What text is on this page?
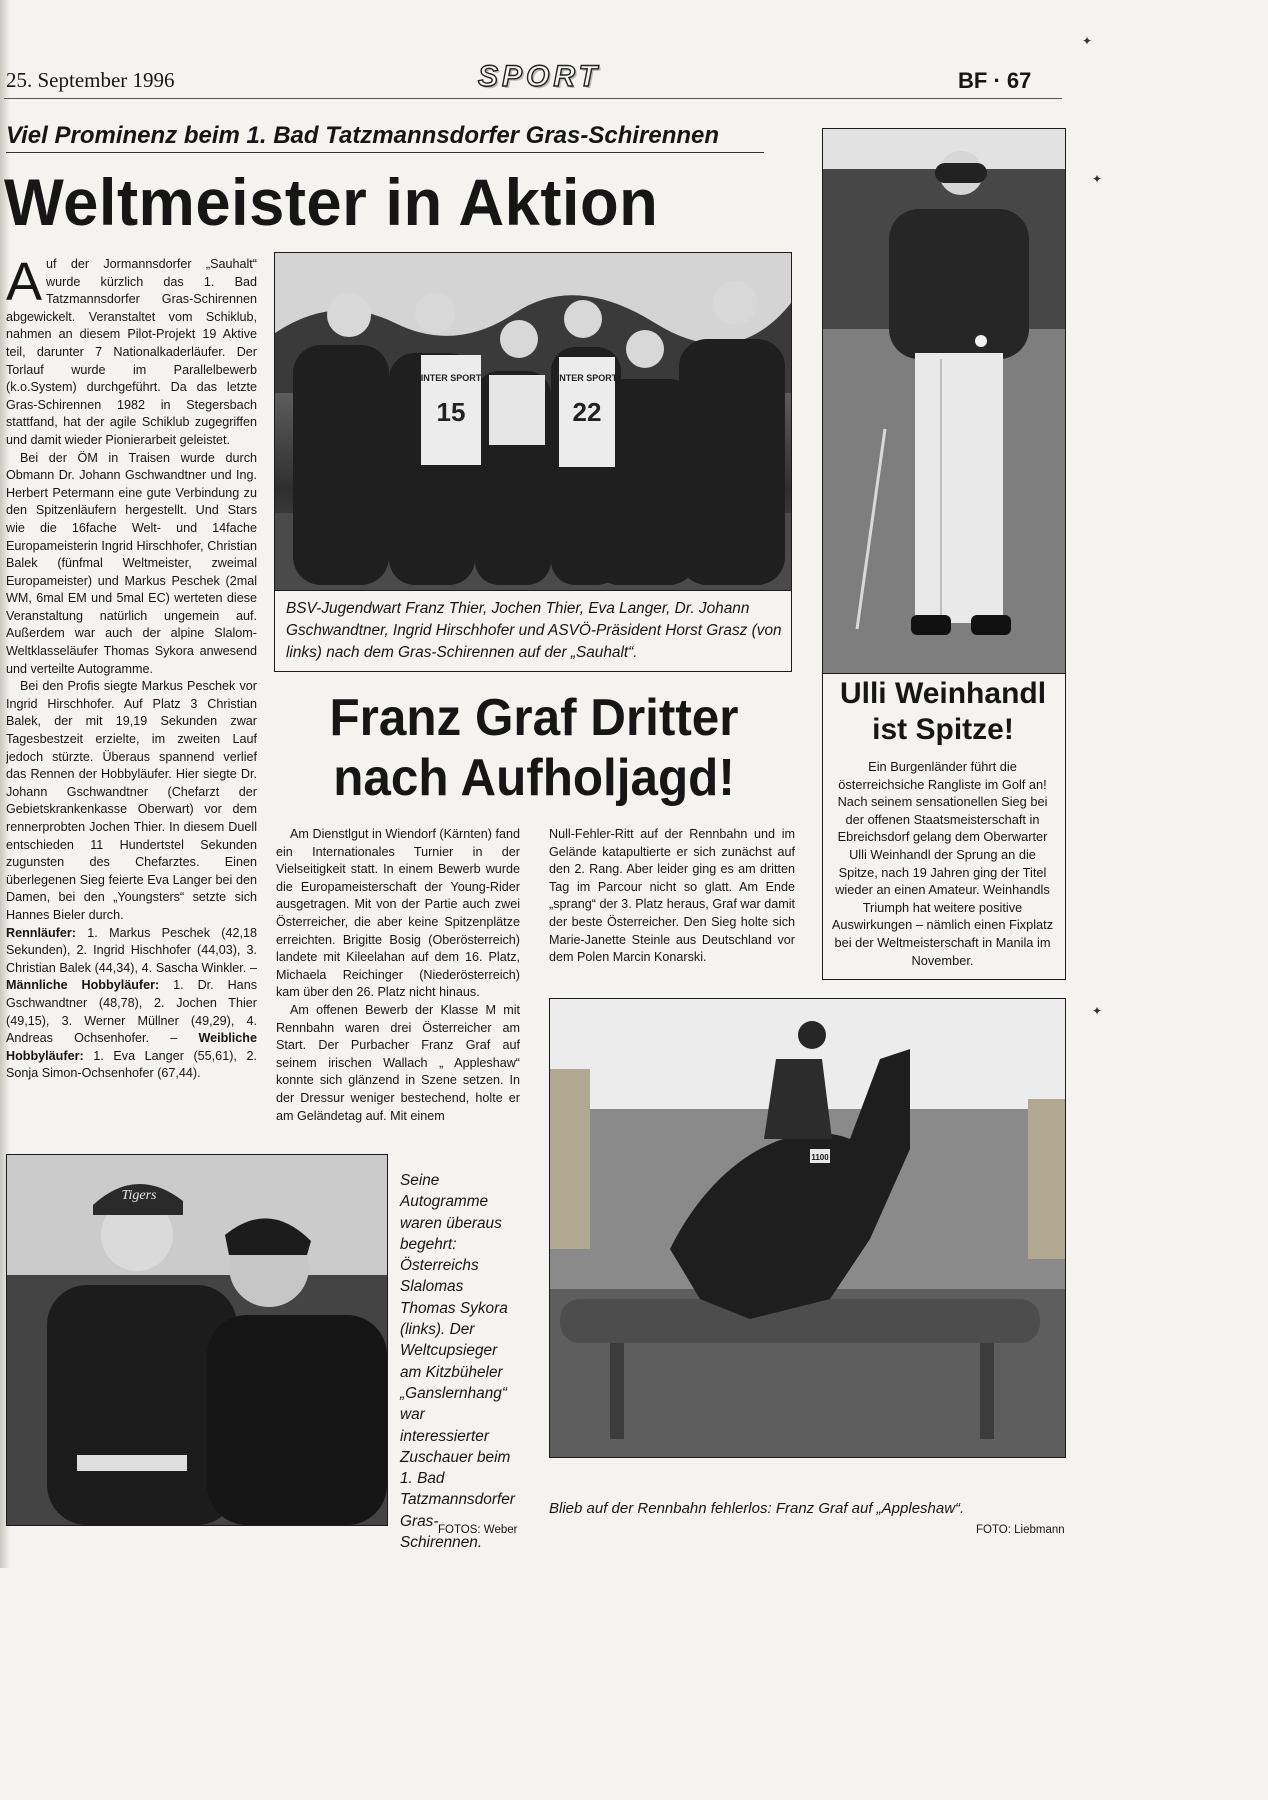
25. September 1996	SPORT	BF · 67
✦
✦
✦
Viel Prominenz beim 1. Bad Tatzmannsdorfer Gras-Schirennen
Weltmeister in Aktion

Auf der Jormannsdorfer „Sauhalt“ wurde kürzlich das 1. Bad Tatzmannsdorfer Gras-Schirennen abgewickelt. Veranstaltet vom Schiklub, nahmen an diesem Pilot-Projekt 19 Aktive teil, darunter 7 Nationalkaderläufer. Der Torlauf wurde im Parallelbewerb (k.o.System) durchgeführt. Da das letzte Gras-Schirennen 1982 in Stegersbach stattfand, hat der agile Schiklub zugegriffen und damit wieder Pionierarbeit geleistet.

Bei der ÖM in Traisen wurde durch Obmann Dr. Johann Gschwandtner und Ing. Herbert Petermann eine gute Verbindung zu den Spitzenläufern hergestellt. Und Stars wie die 16fache Welt- und 14fache Europameisterin Ingrid Hirschhofer, Christian Balek (fünfmal Weltmeister, zweimal Europameister) und Markus Peschek (2mal WM, 6mal EM und 5mal EC) werteten diese Veranstaltung natürlich ungemein auf. Außerdem war auch der alpine Slalom-Weltklasseläufer Thomas Sykora anwesend und verteilte Autogramme.

Bei den Profis siegte Markus Peschek vor Ingrid Hirschhofer. Auf Platz 3 Christian Balek, der mit 19,19 Sekunden zwar Tagesbestzeit erzielte, im zweiten Lauf jedoch stürzte. Überaus spannend verlief das Rennen der Hobbyläufer. Hier siegte Dr. Johann Gschwandtner (Chefarzt der Gebietskrankenkasse Oberwart) vor dem rennerprobten Jochen Thier. In diesem Duell entschieden 11 Hundertstel Sekunden zugunsten des Chefarztes. Einen überlegenen Sieg feierte Eva Langer bei den Damen, bei den „Youngsters“ setzte sich Hannes Bieler durch.

Rennläufer: 1. Markus Peschek (42,18 Sekunden), 2. Ingrid Hischhofer (44,03), 3. Christian Balek (44,34), 4. Sascha Winkler. – Männliche Hobbyläufer: 1. Dr. Hans Gschwandtner (48,78), 2. Jochen Thier (49,15), 3. Werner Müllner (49,29), 4. Andreas Ochsenhofer. – Weibliche Hobbyläufer: 1. Eva Langer (55,61), 2. Sonja Simon-Ochsenhofer (67,44).

15	22
INTER SPORT	INTER SPORT
BSV-Jugendwart Franz Thier, Jochen Thier, Eva Langer, Dr. Johann Gschwandtner, Ingrid Hirschhofer und ASVÖ-Präsident Horst Grasz (von links) nach dem Gras-Schirennen auf der „Sauhalt“.
Ulli Weinhandl
ist Spitze!

Ein Burgenländer führt die österreichsiche Rangliste im Golf an! Nach seinem sensationellen Sieg bei der offenen Staatsmeisterschaft in Ebreichsdorf gelang dem Oberwarter Ulli Weinhandl der Sprung an die Spitze, nach 19 Jahren ging der Titel wieder an einen Amateur. Weinhandls Triumph hat weitere positive Auswirkungen – nämlich einen Fixplatz bei der Weltmeisterschaft in Manila im November.

Franz Graf Dritter
nach Aufholjagd!

Am Dienstlgut in Wiendorf (Kärnten) fand ein Internationales Turnier in der Vielseitigkeit statt. In einem Bewerb wurde die Europameisterschaft der Young-Rider ausgetragen. Mit von der Partie auch zwei Österreicher, die aber keine Spitzenplätze erreichten. Brigitte Bosig (Oberösterreich) landete mit Kileelahan auf dem 16. Platz, Michaela Reichinger (Niederösterreich) kam über den 26. Platz nicht hinaus.

Am offenen Bewerb der Klasse M mit Rennbahn waren drei Österreicher am Start. Der Purbacher Franz Graf auf seinem irischen Wallach „ Appleshaw“ konnte sich glänzend in Szene setzen. In der Dressur weniger bestechend, holte er am Geländetag auf. Mit einem

Null-Fehler-Ritt auf der Rennbahn und im Gelände katapultierte er sich zunächst auf den 2. Rang. Aber leider ging es am dritten Tag im Parcour nicht so glatt. Am Ende „sprang“ der 3. Platz heraus, Graf war damit der beste Österreicher. Den Sieg holte sich Marie-Janette Steinle aus Deutschland vor dem Polen Marcin Konarski.

1100
Blieb auf der Rennbahn fehlerlos: Franz Graf auf „Appleshaw“.
FOTO: Liebmann
Tigers
Seine Autogramme waren überaus begehrt: Österreichs Slalomas Thomas Sykora (links). Der Weltcupsieger am Kitzbüheler „Ganslernhang“ war interessierter Zuschauer beim 1. Bad Tatzmannsdorfer Gras-Schirennen.
FOTOS: Weber
